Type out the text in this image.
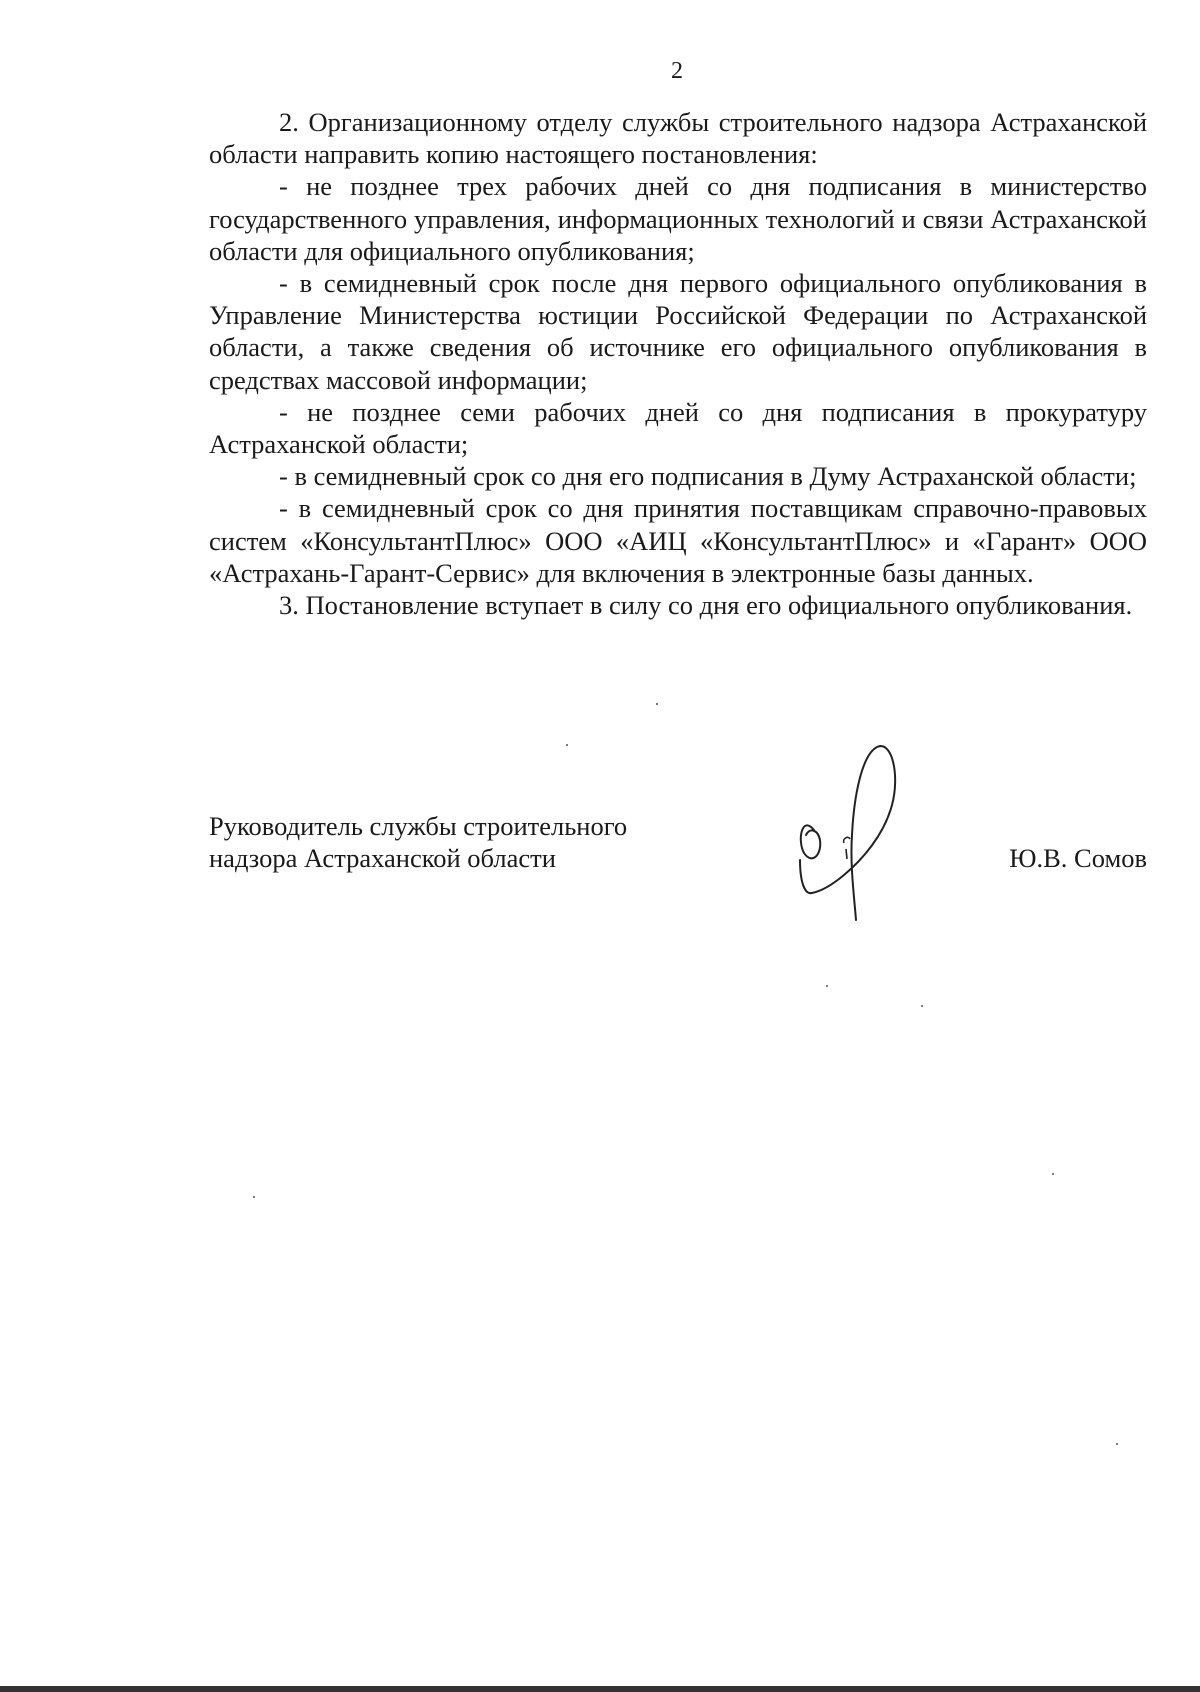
2

2. Организационному отделу службы строительного надзора Астраханской области направить копию настоящего постановления:

- не позднее трех рабочих дней со дня подписания в министерство государственного управления, информационных технологий и связи Астраханской области для официального опубликования;

- в семидневный срок после дня первого официального опубликования в Управление Министерства юстиции Российской Федерации по Астраханской области, а также сведения об источнике его официального опубликования в средствах массовой информации;

- не позднее семи рабочих дней со дня подписания в прокуратуру Астраханской области;

- в семидневный срок со дня его подписания в Думу Астраханской области;

- в семидневный срок со дня принятия поставщикам справочно-правовых систем «КонсультантПлюс» ООО «АИЦ «КонсультантПлюс» и «Гарант» ООО «Астрахань-Гарант-Сервис» для включения в электронные базы данных.

3. Постановление вступает в силу со дня его официального опубликования.

Руководитель службы строительного
надзора Астраханской области	Ю.В. Сомов
